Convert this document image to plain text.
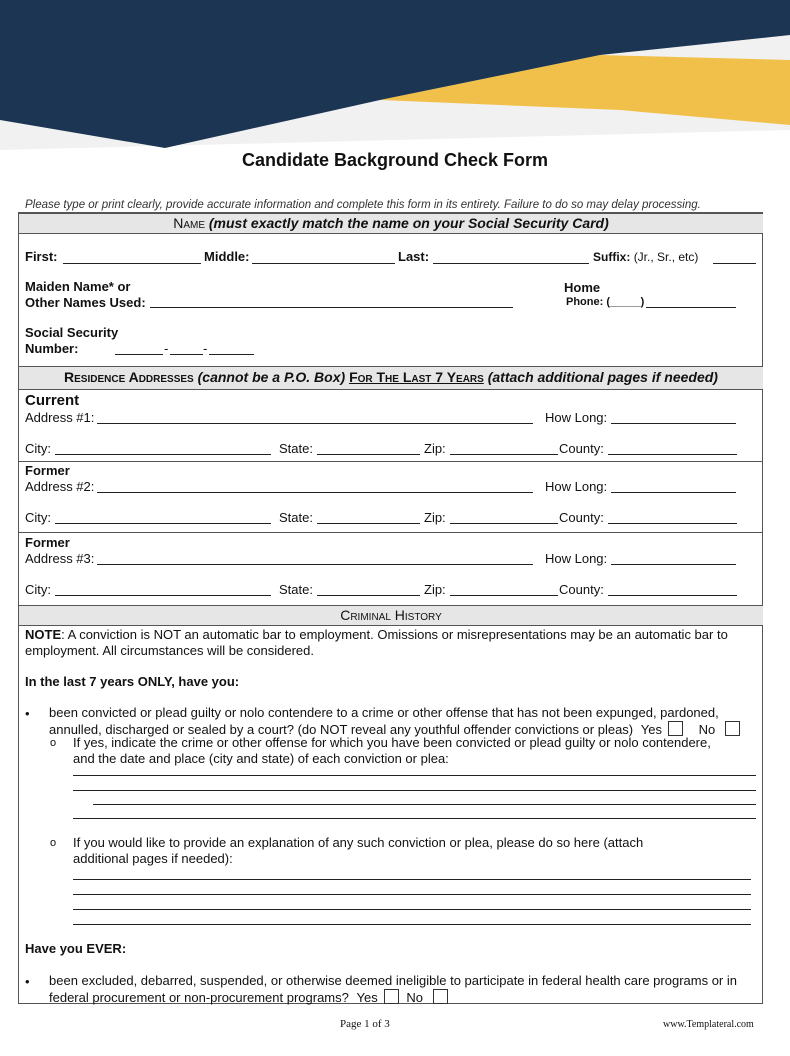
Candidate Background Check Form
Please type or print clearly, provide accurate information and complete this form in its entirety. Failure to do so may delay processing.
Name (must exactly match the name on your Social Security Card)
First:	Middle:	Last:	Suffix: (Jr., Sr., etc)
Maiden Name* or
Other Names Used:
Home
Phone: (_____)
Social Security
Number:	-	-
Residence Addresses (cannot be a P.O. Box) For The Last 7 Years (attach additional pages if needed)
Current
Address #1:	How Long:
City:	State:	Zip:	County:
Former
Address #2:	How Long:
City:	State:	Zip:	County:
Former
Address #3:	How Long:
City:	State:	Zip:	County:
Criminal History
NOTE: A conviction is NOT an automatic bar to employment. Omissions or misrepresentations may be an automatic bar to
employment. All circumstances will be considered.
In the last 7 years ONLY, have you:
• been convicted or plead guilty or nolo contendere to a crime or other offense that has not been expunged, pardoned,
annulled, discharged or sealed by a court? (do NOT reveal any youthful offender convictions or pleas) Yes	No
o If yes, indicate the crime or other offense for which you have been convicted or plead guilty or nolo contendere,
and the date and place (city and state) of each conviction or plea:
o If you would like to provide an explanation of any such conviction or plea, please do so here (attach
additional pages if needed):
Have you EVER:
• been excluded, debarred, suspended, or otherwise deemed ineligible to participate in federal health care programs or in
federal procurement or non-procurement programs? Yes No
Page 1 of 3	www.Templateral.com
